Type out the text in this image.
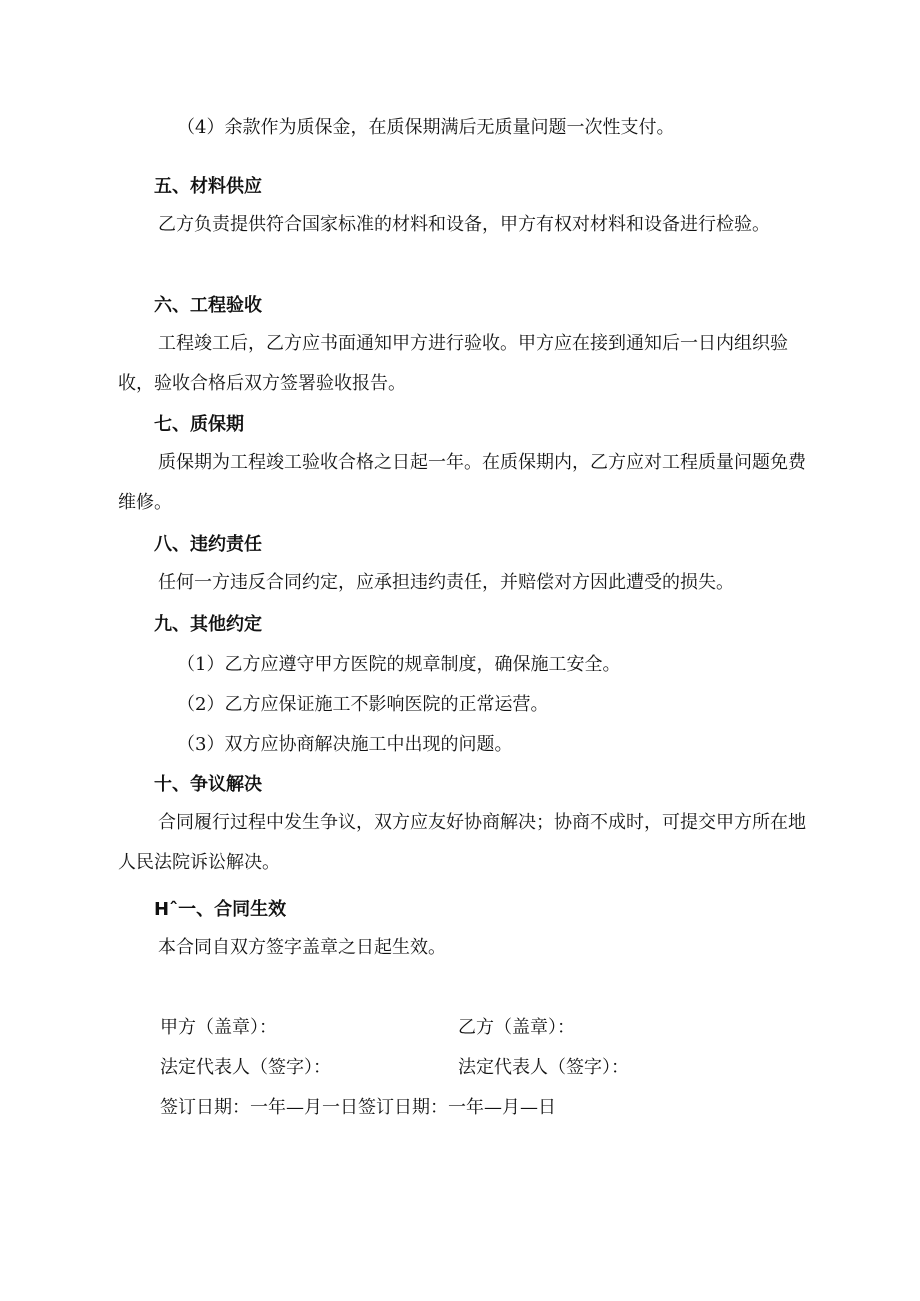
（4）余款作为质保金，在质保期满后无质量问题一次性支付。
五、材料供应
乙方负责提供符合国家标准的材料和设备，甲方有权对材料和设备进行检验。
六、工程验收
工程竣工后，乙方应书面通知甲方进行验收。甲方应在接到通知后一日内组织验收，验收合格后双方签署验收报告。
七、质保期
质保期为工程竣工验收合格之日起一年。在质保期内，乙方应对工程质量问题免费维修。
八、违约责任
任何一方违反合同约定，应承担违约责任，并赔偿对方因此遭受的损失。
九、其他约定
（1）乙方应遵守甲方医院的规章制度，确保施工安全。
（2）乙方应保证施工不影响医院的正常运营。
（3）双方应协商解决施工中出现的问题。
十、争议解决
合同履行过程中发生争议，双方应友好协商解决；协商不成时，可提交甲方所在地人民法院诉讼解决。
Hˆ一、合同生效
本合同自双方签字盖章之日起生效。
甲方（盖章）：	乙方（盖章）：
法定代表人（签字）：	法定代表人（签字）：
签订日期：一年—月一日签订日期：一年—月—日
